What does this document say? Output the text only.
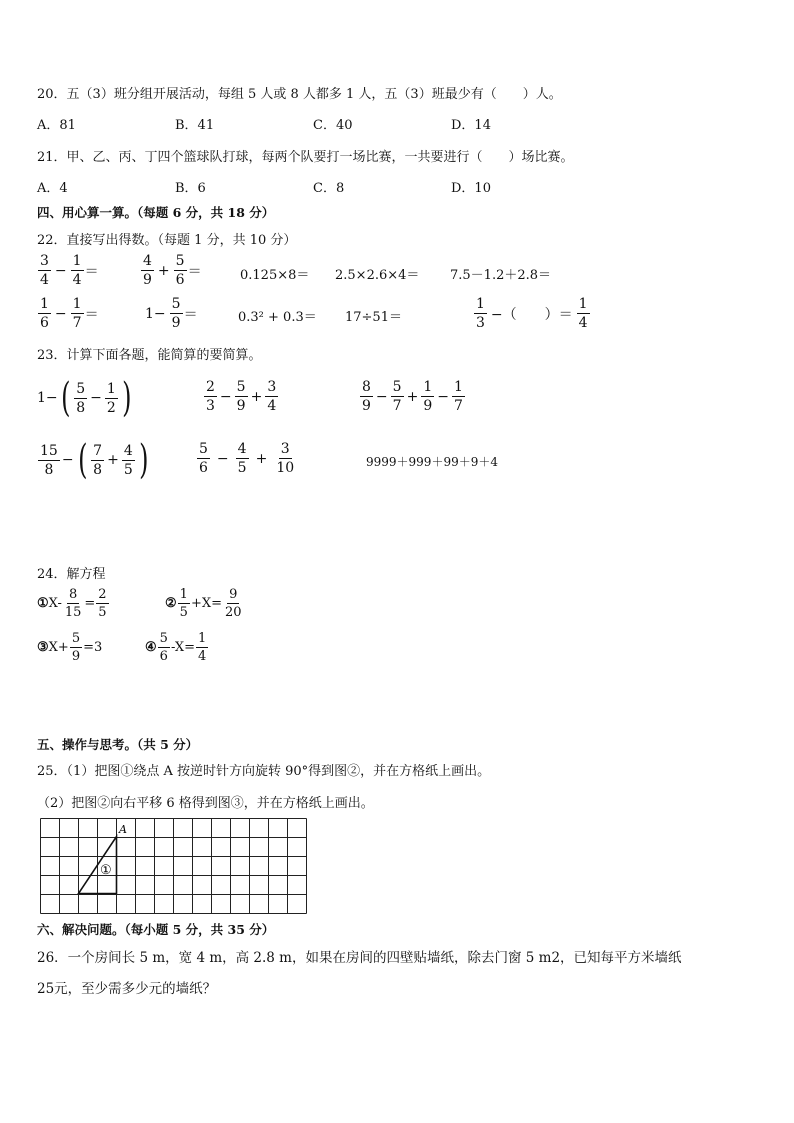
20．五（3）班分组开展活动，每组 5 人或 8 人都多 1 人，五（3）班最少有（　　）人。
A．81	B．41	C．40	D．14
21．甲、乙、丙、丁四个篮球队打球，每两个队要打一场比赛，一共要进行（　　）场比赛。
A．4	B．6	C．8	D．10
四、用心算一算。（每题 6 分，共 18 分）
22．直接写出得数。（每题 1 分，共 10 分）
$\frac{3}{4} - \frac{1}{4}$ ＝	$\frac{4}{9} + \frac{5}{6}$ ＝	0.125×8＝ 2.5×2.6×4＝ 7.5－1.2＋2.8＝
$\frac{1}{6} - \frac{1}{7}$ ＝	$1- \frac{5}{9}$ ＝	0.3² + 0.3＝ 17÷51＝	$\frac{1}{3}$ −（　　）＝ $\frac{1}{4}$
23．计算下面各题，能简算的要简算。
1− ( $\frac{5}{8} - \frac{1}{2}$ )	$\frac{2}{3} - \frac{5}{9} + \frac{3}{4}$	$\frac{8}{9} - \frac{5}{7} + \frac{1}{9} - \frac{1}{7}$
$\frac{15}{8}$ − ( $\frac{7}{8} + \frac{4}{5}$ )	$\frac{5}{6} - \frac{4}{5} + \frac{3}{10}$	9999＋999＋99＋9＋4
24．解方程
① $X- \frac{8}{15} = \frac{2}{5}$	② $\frac{1}{5} +X= \frac{9}{20}$
③ $X+ \frac{5}{9} =3$	④ $\frac{5}{6} -X= \frac{1}{4}$
五、操作与思考。（共 5 分）
25．（1）把图①绕点 A 按逆时针方向旋转 90°得到图②，并在方格纸上画出。
（2）把图②向右平移 6 格得到图③，并在方格纸上画出。
A
①
六、解决问题。（每小题 5 分，共 35 分）
26．一个房间长 5 m，宽 4 m，高 2.8 m，如果在房间的四壁贴墙纸，除去门窗 5 m2，已知每平方米墙纸
25元，至少需多少元的墙纸？
